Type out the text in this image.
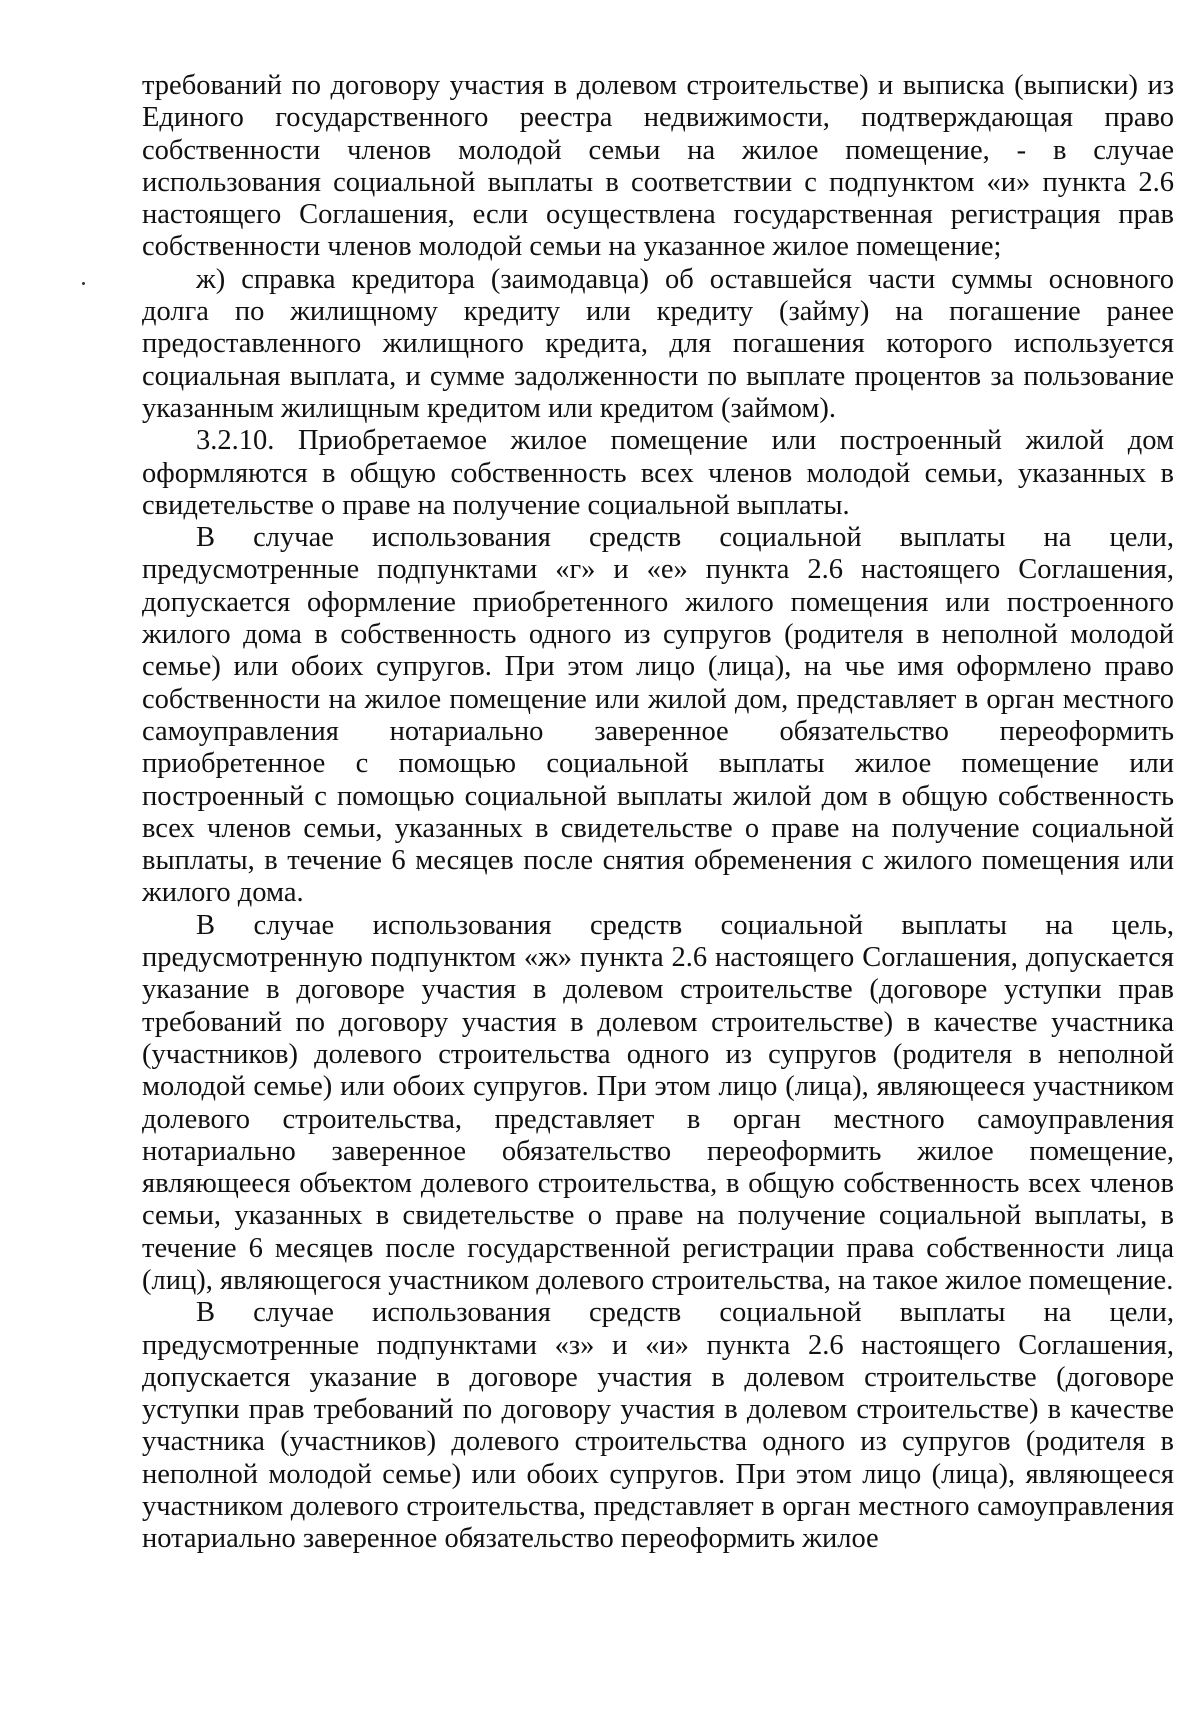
требований по договору участия в долевом строительстве) и выписка (выписки) из Единого государственного реестра недвижимости, подтверждающая право собственности членов молодой семьи на жилое помещение, - в случае использования социальной выплаты в соответствии с подпунктом «и» пункта 2.6 настоящего Соглашения, если осуществлена государственная регистрация прав собственности членов молодой семьи на указанное жилое помещение;

ж) справка кредитора (заимодавца) об оставшейся части суммы основного долга по жилищному кредиту или кредиту (займу) на погашение ранее предоставленного жилищного кредита, для погашения которого используется социальная выплата, и сумме задолженности по выплате процентов за пользование указанным жилищным кредитом или кредитом (займом).

3.2.10. Приобретаемое жилое помещение или построенный жилой дом оформляются в общую собственность всех членов молодой семьи, указанных в свидетельстве о праве на получение социальной выплаты.

В случае использования средств социальной выплаты на цели, предусмотренные подпунктами «г» и «е» пункта 2.6 настоящего Соглашения, допускается оформление приобретенного жилого помещения или построенного жилого дома в собственность одного из супругов (родителя в неполной молодой семье) или обоих супругов. При этом лицо (лица), на чье имя оформлено право собственности на жилое помещение или жилой дом, представляет в орган местного самоуправления нотариально заверенное обязательство переоформить приобретенное с помощью социальной выплаты жилое помещение или построенный с помощью социальной выплаты жилой дом в общую собственность всех членов семьи, указанных в свидетельстве о праве на получение социальной выплаты, в течение 6 месяцев после снятия обременения с жилого помещения или жилого дома.

В случае использования средств социальной выплаты на цель, предусмотренную подпунктом «ж» пункта 2.6 настоящего Соглашения, допускается указание в договоре участия в долевом строительстве (договоре уступки прав требований по договору участия в долевом строительстве) в качестве участника (участников) долевого строительства одного из супругов (родителя в неполной молодой семье) или обоих супругов. При этом лицо (лица), являющееся участником долевого строительства, представляет в орган местного самоуправления нотариально заверенное обязательство переоформить жилое помещение, являющееся объектом долевого строительства, в общую собственность всех членов семьи, указанных в свидетельстве о праве на получение социальной выплаты, в течение 6 месяцев после государственной регистрации права собственности лица (лиц), являющегося участником долевого строительства, на такое жилое помещение.

В случае использования средств социальной выплаты на цели, предусмотренные подпунктами «з» и «и» пункта 2.6 настоящего Соглашения, допускается указание в договоре участия в долевом строительстве (договоре уступки прав требований по договору участия в долевом строительстве) в качестве участника (участников) долевого строительства одного из супругов (родителя в неполной молодой семье) или обоих супругов. При этом лицо (лица), являющееся участником долевого строительства, представляет в орган местного самоуправления нотариально заверенное обязательство переоформить жилое
